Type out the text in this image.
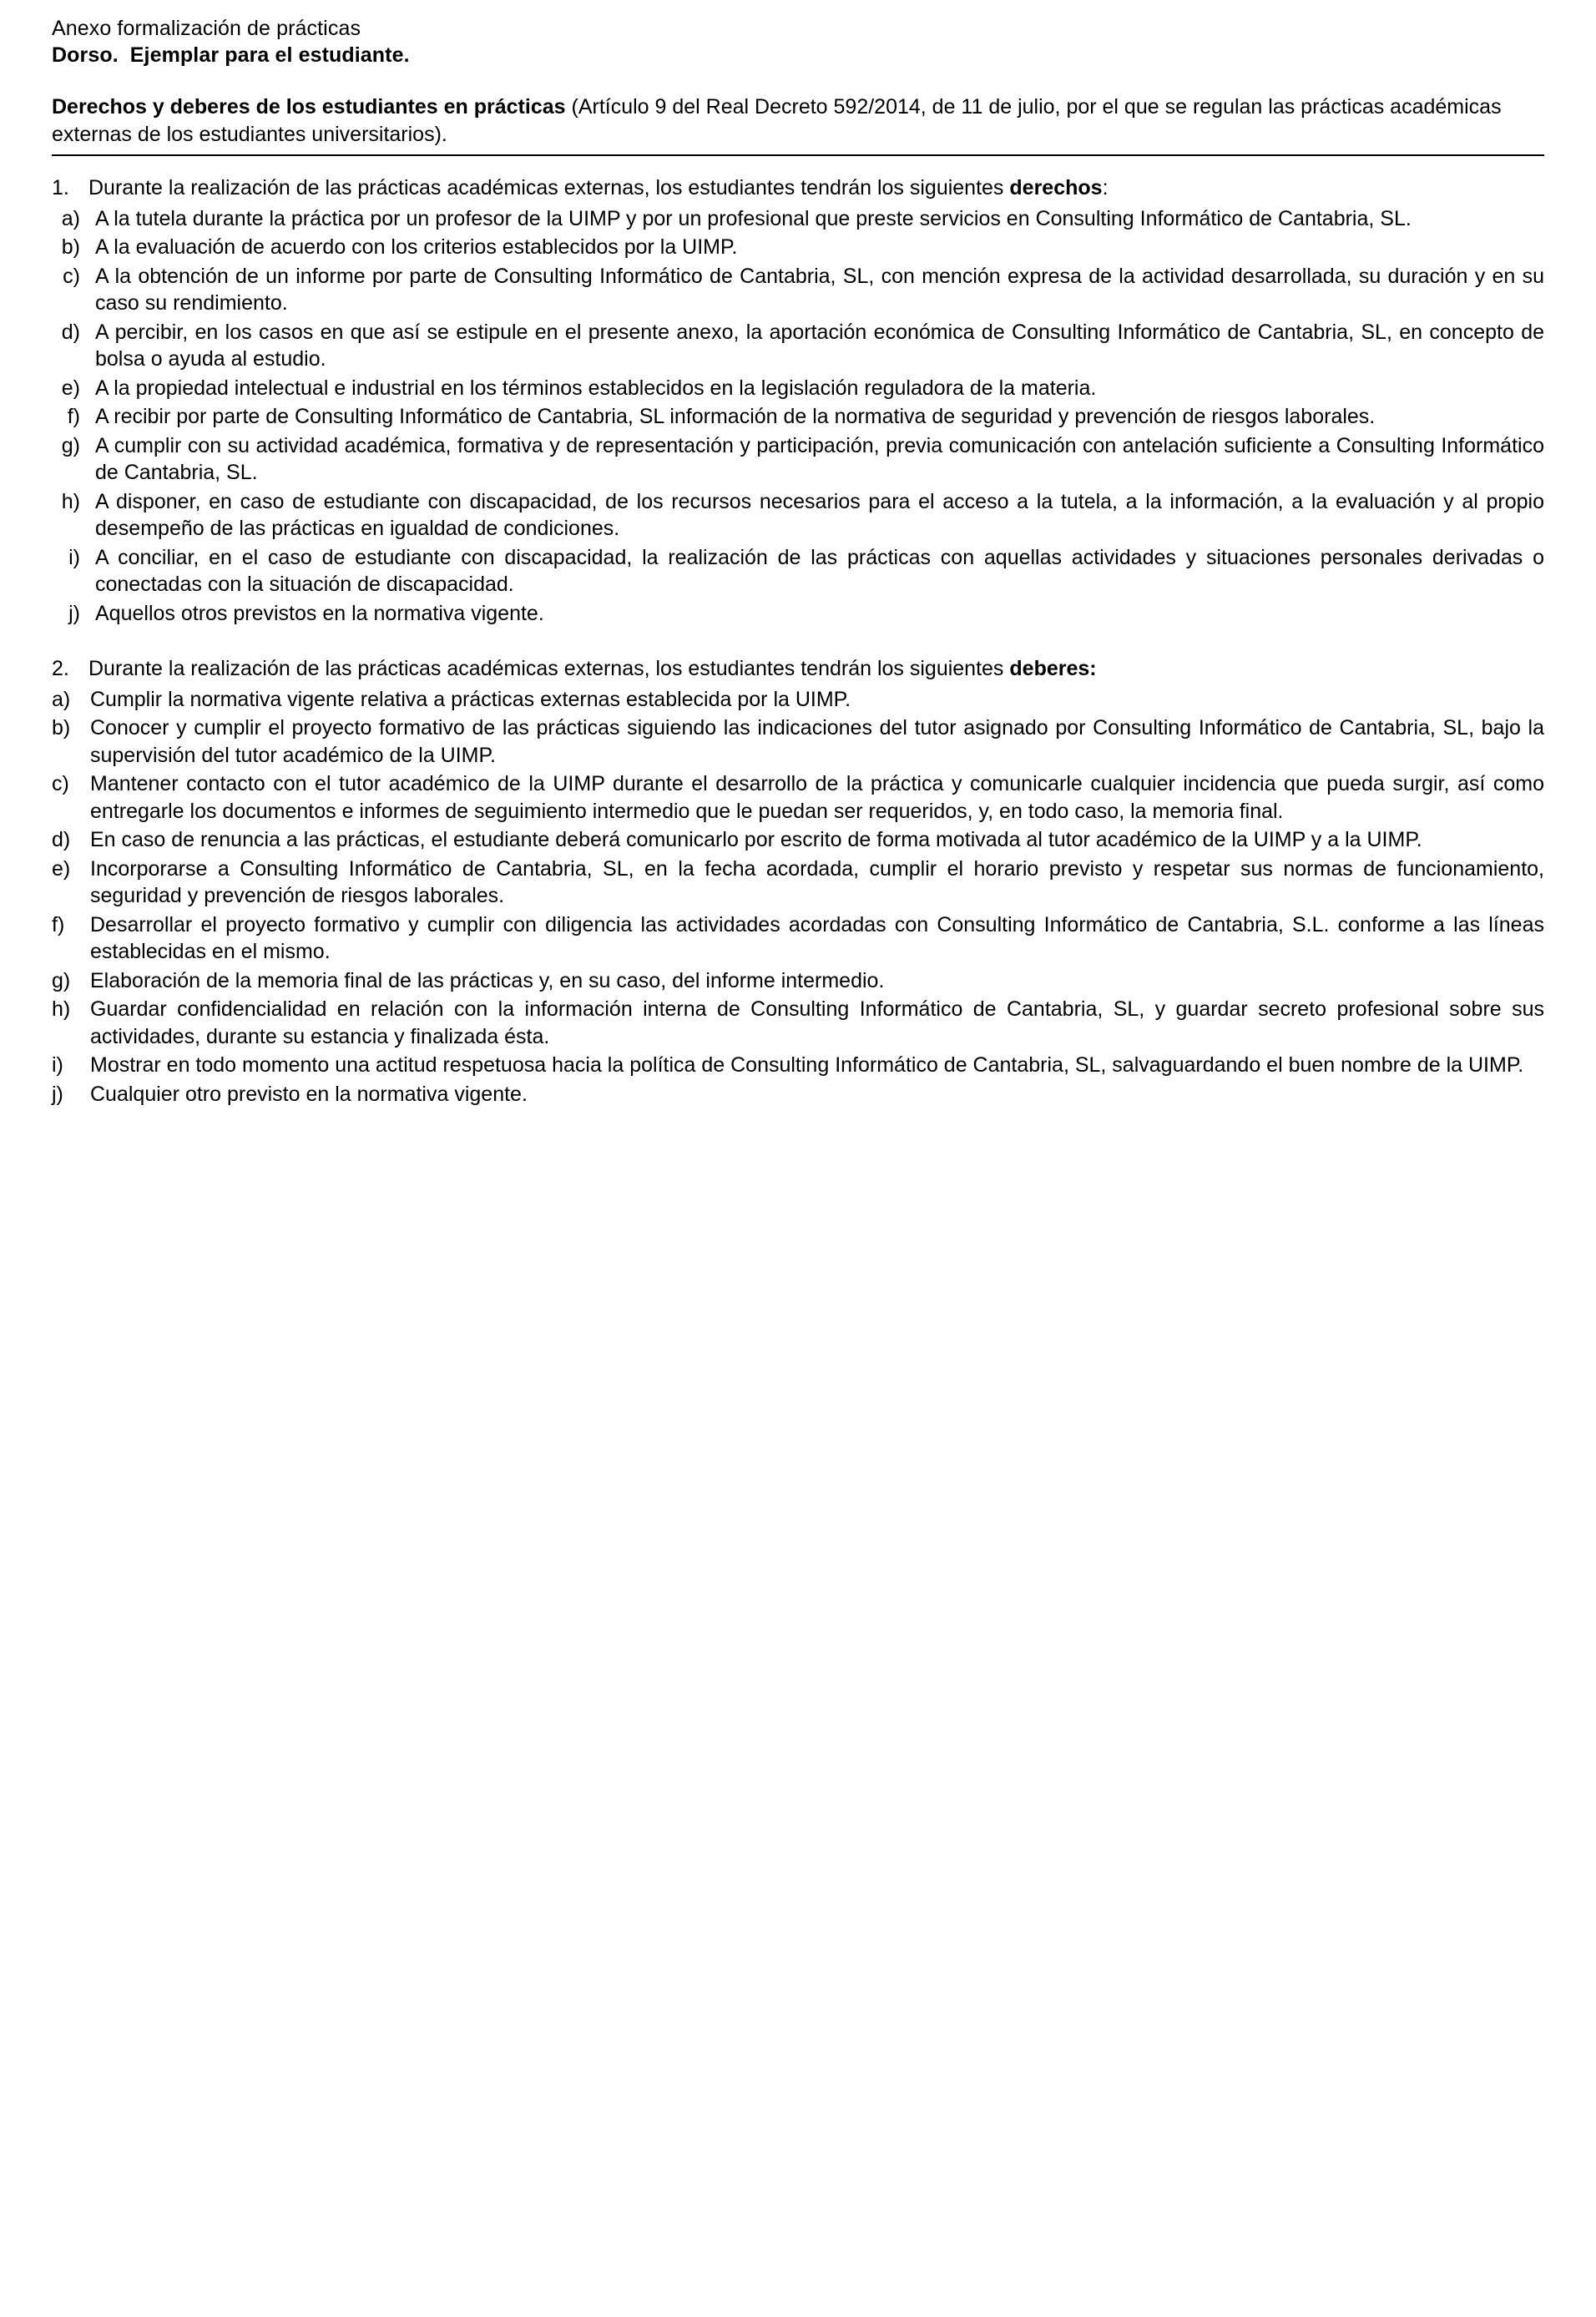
Anexo formalización de prácticas
Dorso. Ejemplar para el estudiante.
Derechos y deberes de los estudiantes en prácticas (Artículo 9 del Real Decreto 592/2014, de 11 de julio, por el que se regulan las prácticas académicas externas de los estudiantes universitarios).
1. Durante la realización de las prácticas académicas externas, los estudiantes tendrán los siguientes derechos:
a) A la tutela durante la práctica por un profesor de la UIMP y por un profesional que preste servicios en Consulting Informático de Cantabria, SL.
b) A la evaluación de acuerdo con los criterios establecidos por la UIMP.
c) A la obtención de un informe por parte de Consulting Informático de Cantabria, SL, con mención expresa de la actividad desarrollada, su duración y en su caso su rendimiento.
d) A percibir, en los casos en que así se estipule en el presente anexo, la aportación económica de Consulting Informático de Cantabria, SL, en concepto de bolsa o ayuda al estudio.
e) A la propiedad intelectual e industrial en los términos establecidos en la legislación reguladora de la materia.
f) A recibir por parte de Consulting Informático de Cantabria, SL información de la normativa de seguridad y prevención de riesgos laborales.
g) A cumplir con su actividad académica, formativa y de representación y participación, previa comunicación con antelación suficiente a Consulting Informático de Cantabria, SL.
h) A disponer, en caso de estudiante con discapacidad, de los recursos necesarios para el acceso a la tutela, a la información, a la evaluación y al propio desempeño de las prácticas en igualdad de condiciones.
i) A conciliar, en el caso de estudiante con discapacidad, la realización de las prácticas con aquellas actividades y situaciones personales derivadas o conectadas con la situación de discapacidad.
j) Aquellos otros previstos en la normativa vigente.
2. Durante la realización de las prácticas académicas externas, los estudiantes tendrán los siguientes deberes:
a) Cumplir la normativa vigente relativa a prácticas externas establecida por la UIMP.
b) Conocer y cumplir el proyecto formativo de las prácticas siguiendo las indicaciones del tutor asignado por Consulting Informático de Cantabria, SL, bajo la supervisión del tutor académico de la UIMP.
c)	Mantener contacto con el tutor académico de la UIMP durante el desarrollo de la práctica y comunicarle cualquier incidencia que pueda surgir, así como entregarle los documentos e informes de seguimiento intermedio que le puedan ser requeridos, y, en todo caso, la memoria final.
d) En caso de renuncia a las prácticas, el estudiante deberá comunicarlo por escrito de forma motivada al tutor académico de la UIMP y a la UIMP.
e) Incorporarse a Consulting Informático de Cantabria, SL, en la fecha acordada, cumplir el horario previsto y respetar sus normas de funcionamiento, seguridad y prevención de riesgos laborales.
f)	Desarrollar el proyecto formativo y cumplir con diligencia las actividades acordadas con Consulting Informático de Cantabria, S.L. conforme a las líneas establecidas en el mismo.
g) Elaboración de la memoria final de las prácticas y, en su caso, del informe intermedio.
h) Guardar confidencialidad en relación con la información interna de Consulting Informático de Cantabria, SL, y guardar secreto profesional sobre sus actividades, durante su estancia y finalizada ésta.
i)	Mostrar en todo momento una actitud respetuosa hacia la política de Consulting Informático de Cantabria, SL, salvaguardando el buen nombre de la UIMP.
j)	Cualquier otro previsto en la normativa vigente.
